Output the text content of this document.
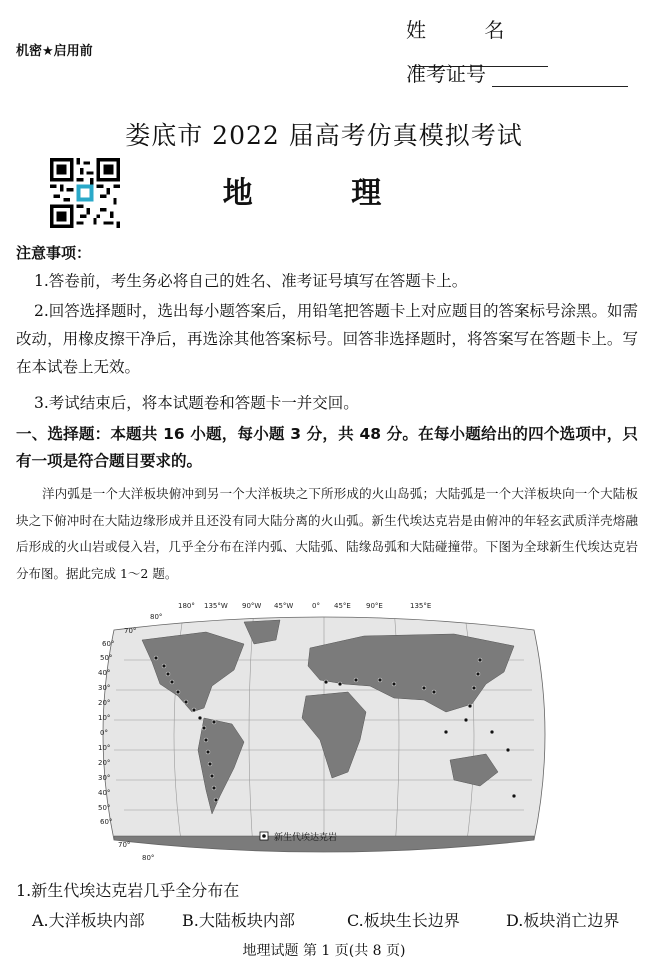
机密★启用前
姓 名
准考证号
娄底市 2022 届高考仿真模拟考试
地 理
注意事项：
1.答卷前，考生务必将自己的姓名、准考证号填写在答题卡上。
2.回答选择题时，选出每小题答案后，用铅笔把答题卡上对应题目的答案标号涂黑。如需改动，用橡皮擦干净后，再选涂其他答案标号。回答非选择题时，将答案写在答题卡上。写在本试卷上无效。
3.考试结束后，将本试题卷和答题卡一并交回。
一、选择题：本题共 16 小题，每小题 3 分，共 48 分。在每小题给出的四个选项中，只有一项是符合题目要求的。
洋内弧是一个大洋板块俯冲到另一个大洋板块之下所形成的火山岛弧；大陆弧是一个大洋板块向一个大陆板块之下俯冲时在大陆边缘形成并且还没有同大陆分离的火山弧。新生代埃达克岩是由俯冲的年轻玄武质洋壳熔融后形成的火山岩或侵入岩，几乎全分布在洋内弧、大陆弧、陆缘岛弧和大陆碰撞带。下图为全球新生代埃达克岩分布图。据此完成 1～2 题。
180° 135°W 90°W 45°W	0° 45°E 90°E	135°E
80°
70°
60°
50°
40°
30°
20°
10°
0°
10°
20°
30°
40°
50°
60°
70°
80°
新生代埃达克岩
1.新生代埃达克岩几乎全分布在
A.大洋板块内部 B.大陆板块内部	C.板块生长边界	D.板块消亡边界
地理试题 第 1 页(共 8 页)
